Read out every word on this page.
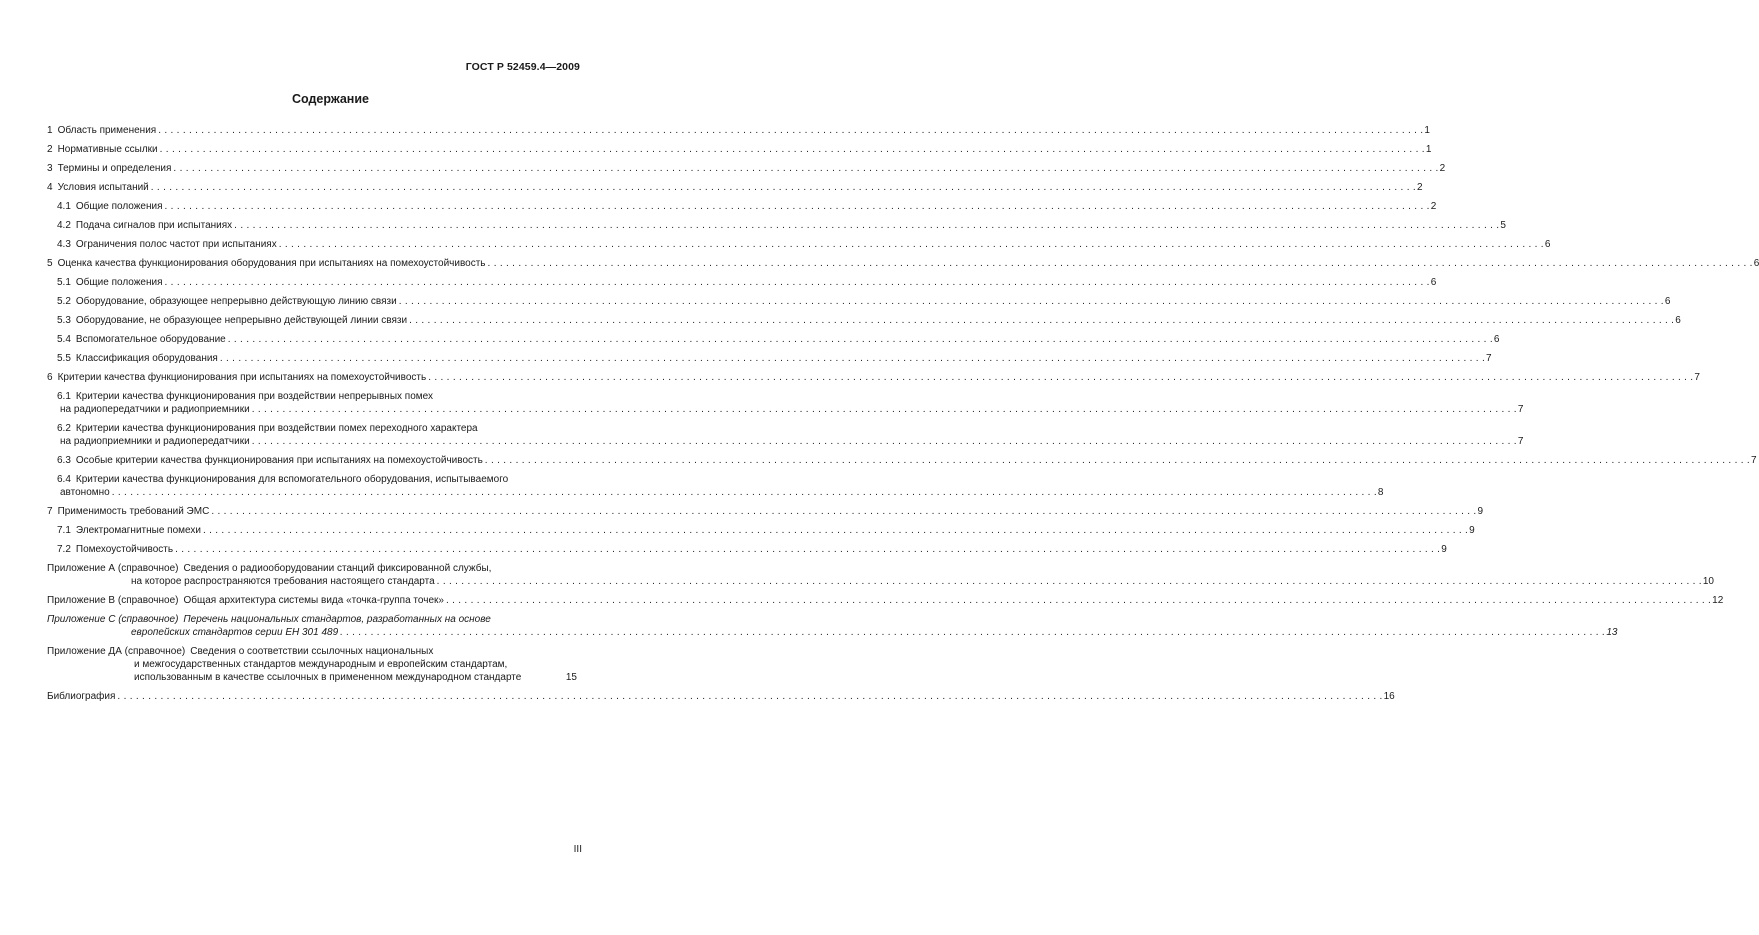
ГОСТ Р 52459.4—2009
Содержание
1 Область применения . . .	1
2 Нормативные ссылки . . .	1
3 Термины и определения . . .	2
4 Условия испытаний . . .	2
4.1 Общие положения . . .	2
4.2 Подача сигналов при испытаниях . . .	5
4.3 Ограничения полос частот при испытаниях . . .	6
5 Оценка качества функционирования оборудования при испытаниях на помехоустойчивость . . .	6
5.1 Общие положения . . .	6
5.2 Оборудование, образующее непрерывно действующую линию связи . . .	6
5.3 Оборудование, не образующее непрерывно действующей линии связи . . .	6
5.4 Вспомогательное оборудование . . .	6
5.5 Классификация оборудования . . .	7
6 Критерии качества функционирования при испытаниях на помехоустойчивость . . .	7
6.1 Критерии качества функционирования при воздействии непрерывных помех
на радиопередатчики и радиоприемники . . .	7
6.2 Критерии качества функционирования при воздействии помех переходного характера
на радиоприемники и радиопередатчики . . .	7
6.3 Особые критерии качества функционирования при испытаниях на помехоустойчивость . . .	7
6.4 Критерии качества функционирования для вспомогательного оборудования, испытываемого
автономно . . .	8
7 Применимость требований ЭМС . . .	9
7.1 Электромагнитные помехи . . .	9
7.2 Помехоустойчивость . . .	9
Приложение А (справочное) Сведения о радиооборудовании станций фиксированной службы,
на которое распространяются требования настоящего стандарта . . .	10
Приложение В (справочное) Общая архитектура системы вида «точка-группа точек» . . .	12
Приложение С (справочное) Перечень национальных стандартов, разработанных на основе
европейских стандартов серии ЕН 301 489 . . .	13
Приложение ДА (справочное) Сведения о соответствии ссылочных национальных
и межгосударственных стандартов международным и европейским стандартам,
использованным в качестве ссылочных в примененном международном стандарте	15
Библиография . . .	16
III
